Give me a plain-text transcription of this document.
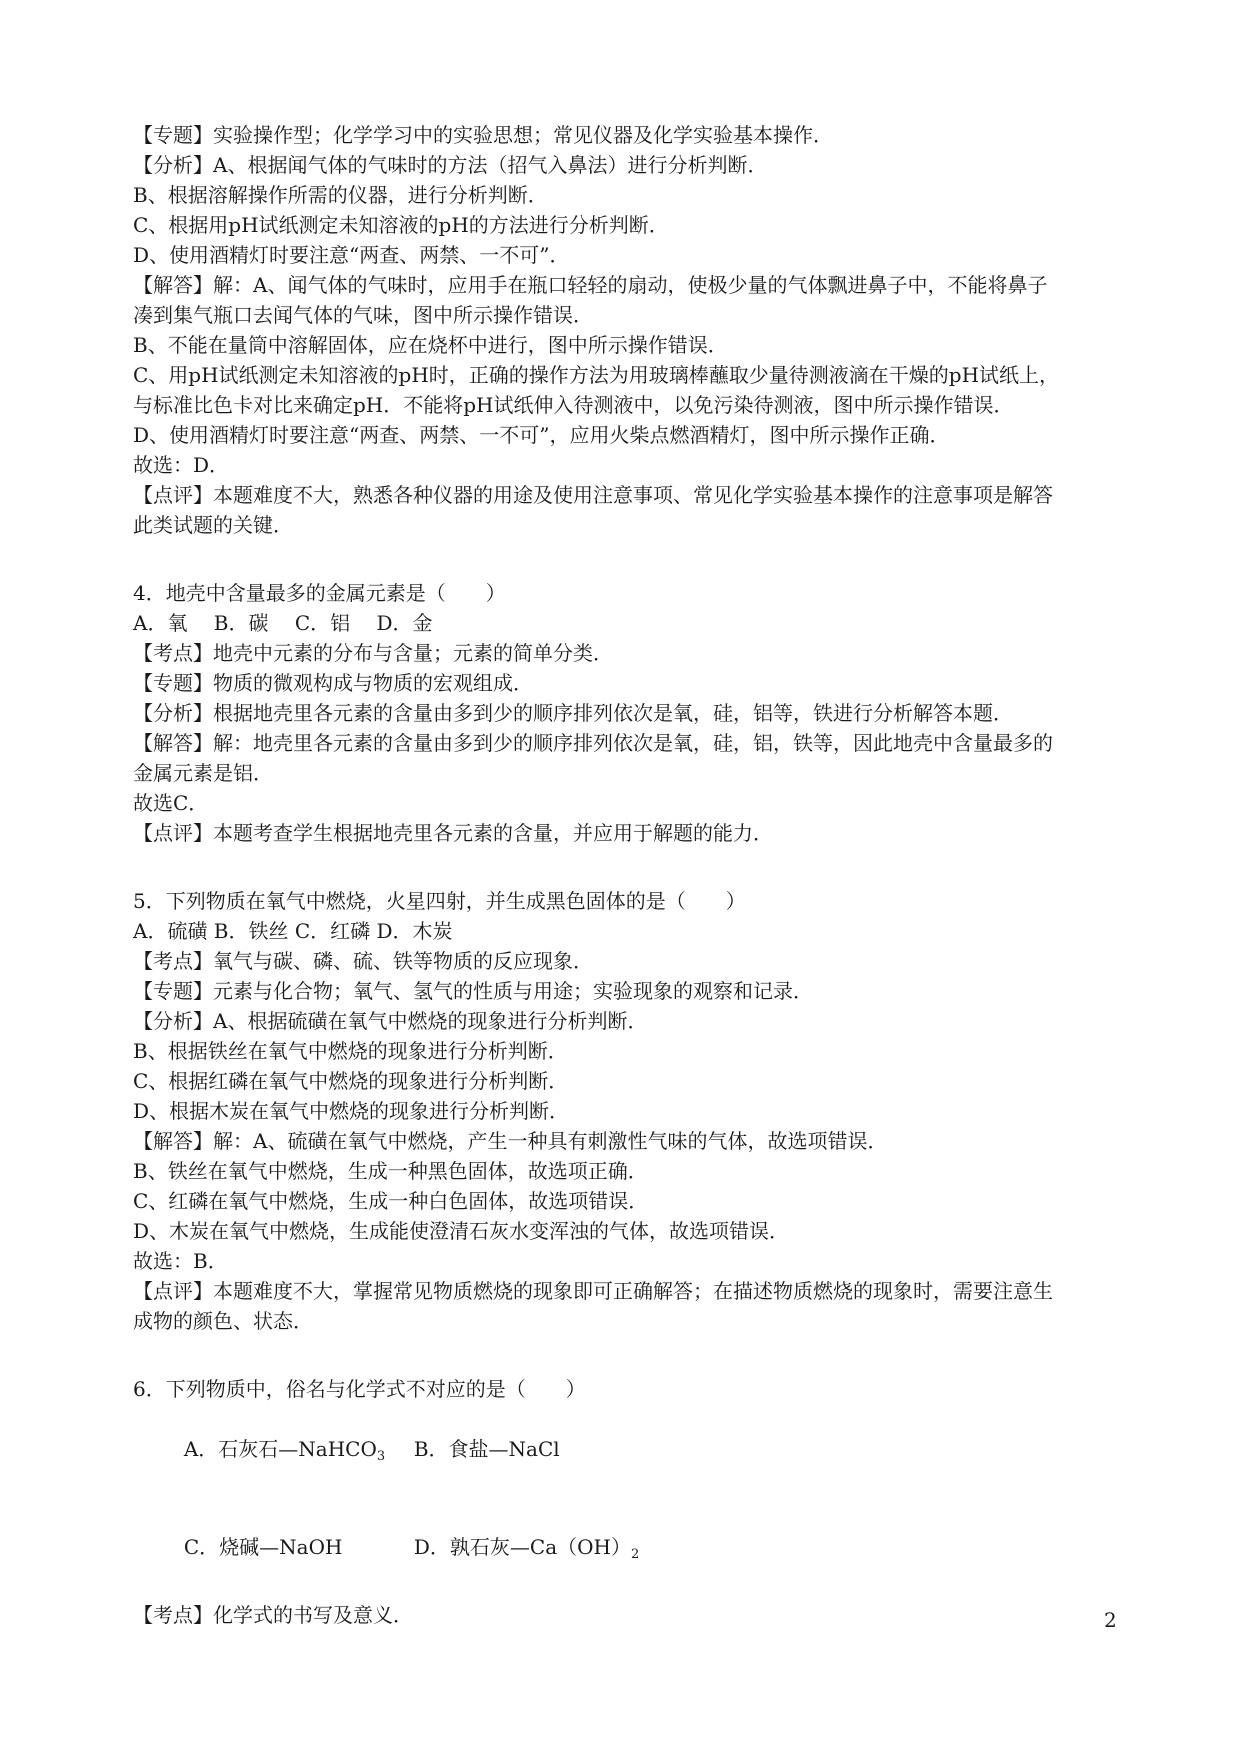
【专题】实验操作型；化学学习中的实验思想；常见仪器及化学实验基本操作．
【分析】A、根据闻气体的气味时的方法（招气入鼻法）进行分析判断．
B、根据溶解操作所需的仪器，进行分析判断．
C、根据用pH试纸测定未知溶液的pH的方法进行分析判断．
D、使用酒精灯时要注意“两查、两禁、一不可”．
【解答】解：A、闻气体的气味时，应用手在瓶口轻轻的扇动，使极少量的气体飘进鼻子中，不能将鼻子
凑到集气瓶口去闻气体的气味，图中所示操作错误．
B、不能在量筒中溶解固体，应在烧杯中进行，图中所示操作错误．
C、用pH试纸测定未知溶液的pH时，正确的操作方法为用玻璃棒蘸取少量待测液滴在干燥的pH试纸上，
与标准比色卡对比来确定pH．不能将pH试纸伸入待测液中，以免污染待测液，图中所示操作错误．
D、使用酒精灯时要注意“两查、两禁、一不可”，应用火柴点燃酒精灯，图中所示操作正确．
故选：D．
【点评】本题难度不大，熟悉各种仪器的用途及使用注意事项、常见化学实验基本操作的注意事项是解答
此类试题的关键．
4．地壳中含量最多的金属元素是（　　）
A．氧　 B．碳　 C．铝　 D．金
【考点】地壳中元素的分布与含量；元素的简单分类．
【专题】物质的微观构成与物质的宏观组成．
【分析】根据地壳里各元素的含量由多到少的顺序排列依次是氧，硅，铝等，铁进行分析解答本题．
【解答】解：地壳里各元素的含量由多到少的顺序排列依次是氧，硅，铝，铁等，因此地壳中含量最多的
金属元素是铝．
故选C．
【点评】本题考查学生根据地壳里各元素的含量，并应用于解题的能力．
5．下列物质在氧气中燃烧，火星四射，并生成黑色固体的是（　　）
A．硫磺 B．铁丝 C．红磷 D．木炭
【考点】氧气与碳、磷、硫、铁等物质的反应现象．
【专题】元素与化合物；氧气、氢气的性质与用途；实验现象的观察和记录．
【分析】A、根据硫磺在氧气中燃烧的现象进行分析判断．
B、根据铁丝在氧气中燃烧的现象进行分析判断．
C、根据红磷在氧气中燃烧的现象进行分析判断．
D、根据木炭在氧气中燃烧的现象进行分析判断．
【解答】解：A、硫磺在氧气中燃烧，产生一种具有刺激性气味的气体，故选项错误．
B、铁丝在氧气中燃烧，生成一种黑色固体，故选项正确．
C、红磷在氧气中燃烧，生成一种白色固体，故选项错误．
D、木炭在氧气中燃烧，生成能使澄清石灰水变浑浊的气体，故选项错误．
故选：B．
【点评】本题难度不大，掌握常见物质燃烧的现象即可正确解答；在描述物质燃烧的现象时，需要注意生
成物的颜色、状态．
6．下列物质中，俗名与化学式不对应的是（　　）

A．石灰石—NaHCO$_3$ B．食盐—NaCl

C．烧碱—NaOH	D．孰石灰$—Ca(OH)_2$

【考点】化学式的书写及意义．	2
